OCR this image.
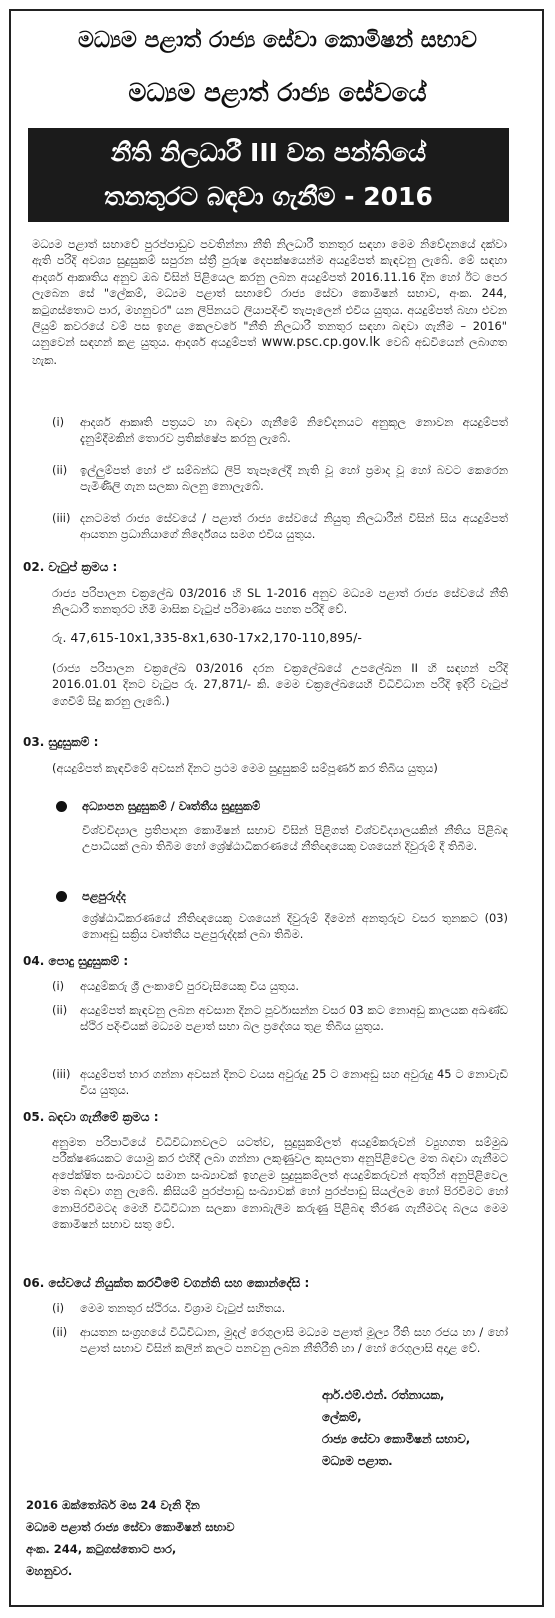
මධ්‍යම පළාත් රාජ්‍ය සේවා කොමිෂන් සභාව
මධ්‍යම පළාත් රාජ්‍ය සේවයේ
නීති නිලධාරී III වන පන්තියේ
තනතුරට බඳවා ගැනීම - 2016
මධ්‍යම පළාත් සභාවේ පුරප්පාඩුව පවතින්නා නීති නිලධාරී තනතුර සඳහා මෙම නිවේදනයේ දක්වා ඇති පරිදි අවශ්‍ය සුදුසුකම් සපුරන ස්ත්‍රී පුරුෂ දෙපක්ෂයෙන්ම අයදුම්පත් කැඳවනු ලැබේ. මේ සඳහා ආදර්ශ ආකෘතිය අනුව ඔබ විසින් පිළියෙල කරනු ලබන අයදුම්පත් 2016.11.16 දින හෝ ඊට පෙර ලැබෙන සේ "ලේකම්, මධ්‍යම පළාත් සභාවේ රාජ්‍ය සේවා කොමිෂන් සභාව, අංක. 244, කටුගස්තොට පාර, මහනුවර" යන ලිපිනයට ලියාපදිංචි තැපෑලෙන් එවිය යුතුය. අයදුම්පත් බහා එවන ලියුම් කවරයේ වම් පස ඉහළ කෙලවරේ "නීති නිලධාරී තනතුර සඳහා බඳවා ගැනීම – 2016" යනුවෙන් සඳහන් කළ යුතුය. ආදර්ශ අයදුම්පත් www.psc.cp.gov.lk වෙබ් අඩවියෙන් ලබාගත හැක.
(i) ආදර්ශ ආකෘති පත්‍රයට හා බඳවා ගැනීමේ නිවේදනයට අනුකූල නොවන අයදුම්පත් දැනුම්දීමකින් තොරව ප්‍රතික්ෂේප කරනු ලැබේ.
(ii) ඉල්ලුම්පත් හෝ ඒ සම්බන්ධ ලිපි තැපෑලේදී නැති වූ හෝ ප්‍රමාද වූ හෝ බවට කෙරෙන පැමිණිලි ගැන සලකා බලනු නොලැබේ.
(iii) දනටමත් රාජ්‍ය සේවයේ / පළාත් රාජ්‍ය සේවයේ නියුතු නිලධාරීන් විසින් සිය අයදුම්පත් ආයතන ප්‍රධානියාගේ නිර්දේශය සමග එවිය යුතුය.
02. වැටුප් ක්‍රමය :
රාජ්‍ය පරිපාලන චක්‍රලේඛ 03/2016 හි SL 1-2016 අනුව මධ්‍යම පළාත් රාජ්‍ය සේවයේ නීති නිලධාරී තනතුරට හිමි මාසික වැටුප් පරිමාණය පහත පරිදි වේ.
රු. 47,615-10x1,335-8x1,630-17x2,170-110,895/-
(රාජ්‍ය පරිපාලන චක්‍රලේඛ 03/2016 දරන චක්‍රලේඛයේ උපලේඛන II හි සඳහන් පරිදි 2016.01.01 දිනට වැටුප රු. 27,871/- කි. මෙම චක්‍රලේඛයෙහි විධිවිධාන පරිදි ඉදිරි වැටුප් ගෙවීම් සිදු කරනු ලැබේ.)
03. සුදුසුකම් :
(අයදුම්පත් කැඳවීමේ අවසන් දිනට ප්‍රථම මෙම සුදුසුකම් සම්පූර්ණ කර තිබිය යුතුය)
අධ්‍යාපන සුදුසුකම් / වෘත්තීය සුදුසුකම්
විශ්වවිද්‍යාල ප්‍රතිපාදන කොමිෂන් සභාව විසින් පිළිගත් විශ්වවිද්‍යාලයකින් නීතිය පිළිබඳ උපාධියක් ලබා තිබීම හෝ ශ්‍රේෂ්ඨාධිකරණයේ නීතිඥයෙකු වශයෙන් දිවුරුම් දී තිබීම.
පළපුරුද්ද
ශ්‍රේෂ්ඨාධිකරණයේ නීතිඥයෙකු වශයෙන් දිවුරුම් දීමෙන් අනතුරුව වසර තුනකට (03) නොඅඩු සක්‍රිය වෘත්තීය පළපුරුද්දක් ලබා තිබීම.
04. පොදු සුදුසුකම් :
(i) අයදුම්කරු ශ්‍රී ලංකාවේ පුරවැසියෙකු විය යුතුය.
(ii) අයදුම්පත් කැඳවනු ලබන අවසාන දිනට පූර්වාසන්න වසර 03 කට නොඅඩු කාලයක අඛණ්ඩ ස්ථිර පදිංචියක් මධ්‍යම පළාත් සභා බල ප්‍රදේශය තුළ තිබිය යුතුය.
(iii) අයදුම්පත් භාර ගන්නා අවසන් දිනට වයස අවුරුදු 25 ට නොඅඩු සහ අවුරුදු 45 ට නොවැඩි විය යුතුය.
05. බඳවා ගැනීමේ ක්‍රමය :
අනුමත පරිපාටියේ විධිවිධානවලට යටත්ව, සුදුසුකම්ලත් අයදුම්කරුවන් ව්‍යුහගත සම්මුඛ පරීක්ෂණයකට යොමු කර එහිදී ලබා ගන්නා ලකුණුවල කුසලතා අනුපිළිවෙල මත බඳවා ගැනීමට අපේක්ෂිත සංඛ්‍යාවට සමාන සංඛ්‍යාවක් ඉහළම සුදුසුකම්ලත් අයදුම්කරුවන් අතුරින් අනුපිළිවෙල මත බඳවා ගනු ලැබේ. කිසියම් පුරප්පාඩු සංඛ්‍යාවක් හෝ පුරප්පාඩු සියල්ලම හෝ පිරවීමට හෝ නොපිරවීමටද මෙහි විධිවිධාන සලකා නොබැලීම කරුණු පිළිබඳ තීරණ ගැනීමටද බලය මෙම කොමිෂන් සභාව සතු වේ.
06. සේවයේ නියුක්ත කරවීමේ වගන්ති සහ කොන්දේසි :
(i) මෙම තනතුර ස්ථිරය. විශ්‍රාම වැටුප් සහිතය.
(ii) ආයතන සංග්‍රහයේ විධිවිධාන, මුදල් රෙගුලාසි මධ්‍යම පළාත් මූල්‍ය රීති සහ රජය හා / හෝ පළාත් සභාව විසින් කලින් කලට පනවනු ලබන නීතිරීති හා / හෝ රෙගුලාසි අදාළ වේ.
ආර්.එම්.එන්. රත්නායක,
ලේකම්,
රාජ්‍ය සේවා කොමිෂන් සභාව,
මධ්‍යම පළාත.
2016 ඔක්තෝබර් මස 24 වැනි දින
මධ්‍යම පළාත් රාජ්‍ය සේවා කොමිෂන් සභාව
අංක. 244, කටුගස්තොට පාර,
මහනුවර.
